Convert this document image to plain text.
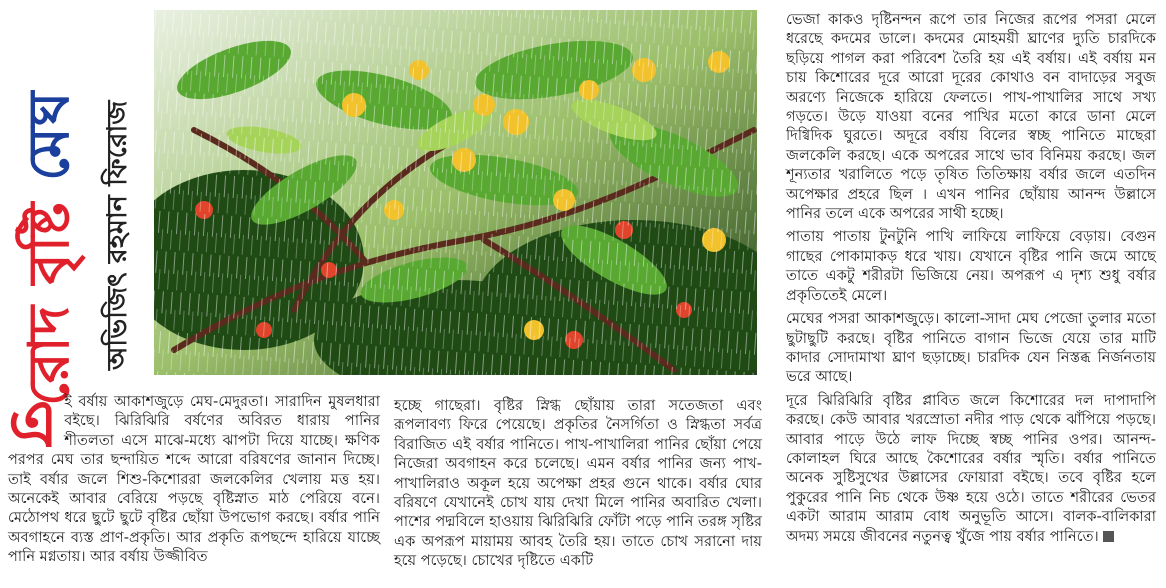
রোদ বৃষ্টি মেঘ অভিজিৎ রহমান ফিরোজ
এ ই বর্ষায় আকাশজুড়ে মেঘ-মেদুরতা। সারাদিন মুষলধারা বইছে। ঝিরিঝিরি বর্ষণের অবিরত ধারায় পানির শীতলতা এসে মাঝে-মধ্যে ঝাপটা দিয়ে যাচ্ছে। ক্ষণিক পরপর মেঘ তার ছন্দায়িত শব্দে আরো বরিষণের জানান দিচ্ছে। তাই বর্ষার জলে শিশু-কিশোররা জলকেলির খেলায় মত্ত হয়। অনেকেই আবার বেরিয়ে পড়ছে বৃষ্টিস্নাত মাঠ পেরিয়ে বনে। মেঠোপথ ধরে ছুটে ছুটে বৃষ্টির ছোঁয়া উপভোগ করছে। বর্ষার পানি অবগাহনে ব্যস্ত প্রাণ-প্রকৃতি। আর প্রকৃতি রূপছন্দে হারিয়ে যাচ্ছে পানি মগ্নতায়। আর বর্ষায় উজ্জীবিত

হচ্ছে গাছেরা। বৃষ্টির স্নিগ্ধ ছোঁয়ায় তারা সতেজতা এবং রূপলাবণ্য ফিরে পেয়েছে। প্রকৃতির নৈসর্গিতা ও স্নিগ্ধতা সর্বত্র বিরাজিত এই বর্ষার পানিতে। পাখ-পাখালিরা পানির ছোঁয়া পেয়ে নিজেরা অবগাহন করে চলেছে। এমন বর্ষার পানির জন্য পাখ-পাখালিরাও অকূল হয়ে অপেক্ষা প্রহর গুনে থাকে। বর্ষার ঘোর বরিষণে যেখানেই চোখ যায় দেখা মিলে পানির অবারিত খেলা। পাশের পদ্মবিলে হাওয়ায় ঝিরিঝিরি ফোঁটা পড়ে পানি তরঙ্গ সৃষ্টির এক অপরূপ মায়াময় আবহ তৈরি হয়। তাতে চোখ সরানো দায় হয়ে পড়েছে। চোখের দৃষ্টিতে একটি

ভেজা কাকও দৃষ্টিনন্দন রূপে তার নিজের রূপের পসরা মেলে ধরেছে কদমের ডালে। কদমের মোহময়ী ঘ্রাণের দ্যুতি চারদিকে ছড়িয়ে পাগল করা পরিবেশ তৈরি হয় এই বর্ষায়। এই বর্ষায় মন চায় কিশোরের দূরে আরো দূরের কোথাও বন বাদাড়ের সবুজ অরণ্যে নিজেকে হারিয়ে ফেলতে। পাখ-পাখালির সাথে সখ্য গড়তে। উড়ে যাওয়া বনের পাখির মতো কারে ডানা মেলে দিগ্বিদিক ঘুরতে। অদূরে বর্ষায় বিলের স্বচ্ছ পানিতে মাছেরা জলকেলি করছে। একে অপরের সাথে ভাব বিনিময় করছে। জল শূন্যতার খরালিতে পড়ে তৃষিত তিতিক্ষায় বর্ষার জলে এতদিন অপেক্ষার প্রহরে ছিল । এখন পানির ছোঁয়ায় আনন্দ উল্লাসে পানির তলে একে অপরের সাথী হচ্ছে।

পাতায় পাতায় টুনটুনি পাখি লাফিয়ে লাফিয়ে বেড়ায়। বেগুন গাছের পোকামাকড় ধরে খায়। যেখানে বৃষ্টির পানি জমে আছে তাতে একটু শরীরটা ভিজিয়ে নেয়। অপরূপ এ দৃশ্য শুধু বর্ষার প্রকৃতিতেই মেলে।

মেঘের পসরা আকাশজুড়ে। কালো-সাদা মেঘ পেজো তুলার মতো ছুটাছুটি করছে। বৃষ্টির পানিতে বাগান ভিজে যেয়ে তার মাটি কাদার সোদামাখা ঘ্রাণ ছড়াচ্ছে। চারদিক যেন নিস্তব্ধ নির্জনতায় ভরে আছে।

দূরে ঝিরিঝিরি বৃষ্টির প্লাবিত জলে কিশোরের দল দাপাদাপি করছে। কেউ আবার খরস্রোতা নদীর পাড় থেকে ঝাঁপিয়ে পড়ছে। আবার পাড়ে উঠে লাফ দিচ্ছে স্বচ্ছ পানির ওপর। আনন্দ-কোলাহল ঘিরে আছে কৈশোরের বর্ষার স্মৃতি। বর্ষার পানিতে অনেক সুষ্টিসুখের উল্লাসের ফোয়ারা বইছে। তবে বৃষ্টির হলে পুকুরের পানি নিচ থেকে উষ্ণ হয়ে ওঠে। তাতে শরীরের ভেতর একটা আরাম আরাম বোধ অনুভূতি আসে। বালক-বালিকারা অদম্য সময়ে জীবনের নতুনত্ব খুঁজে পায় বর্ষার পানিতে।
